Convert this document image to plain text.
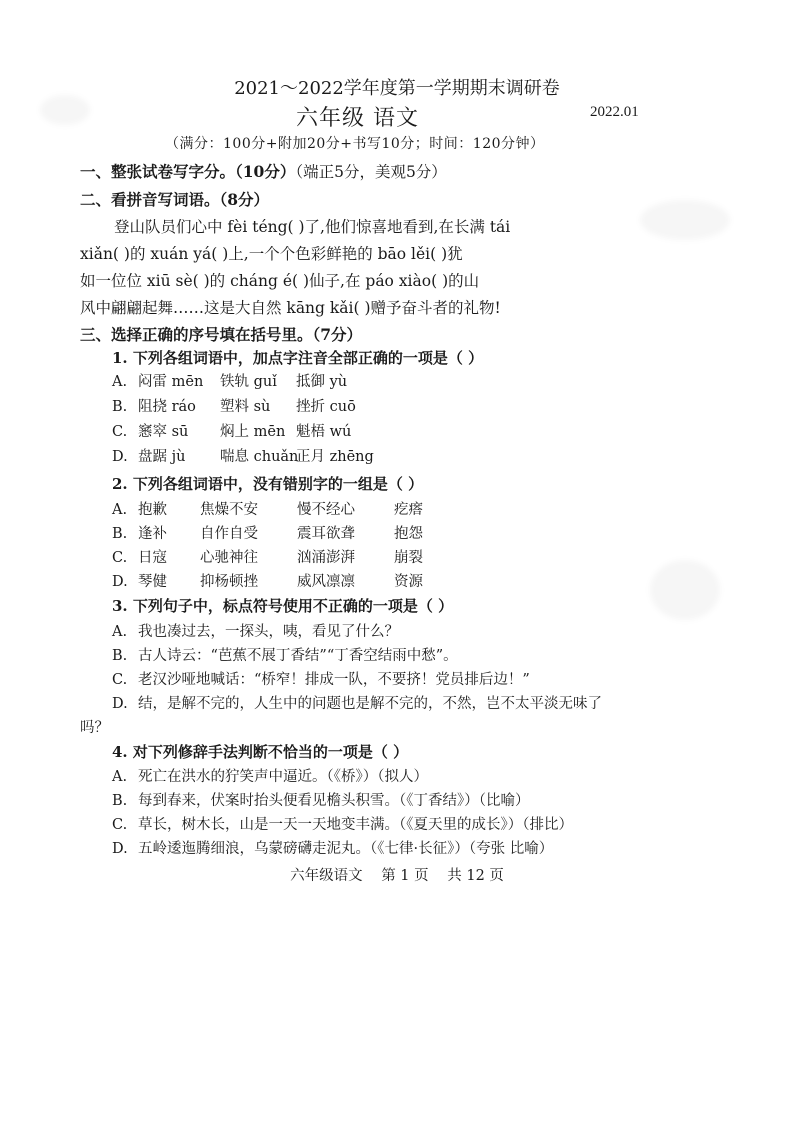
2021～2022学年度第一学期期末调研卷
六年级 语文	2022.01
（满分：100分+附加20分+书写10分；时间：120分钟）
一、整张试卷写字分。（10分）（端正5分，美观5分）
二、看拼音写词语。（8分）
登山队员们心中 fèi téng( )了,他们惊喜地看到,在长满 tái
xiǎn( )的 xuán yá( )上,一个个色彩鲜艳的 bāo lěi( )犹
如一位位 xiū sè( )的 cháng é( )仙子,在 páo xiào( )的山
风中翩翩起舞……这是大自然 kāng kǎi( )赠予奋斗者的礼物!
三、选择正确的序号填在括号里。（7分）
1. 下列各组词语中，加点字注音全部正确的一项是（ ）
A. 闷雷 mēn 铁轨 guǐ 抵御 yù
B. 阻挠 ráo 塑料 sù 挫折 cuō
C. 窸窣 sū 焖上 mēn 魁梧 wú
D. 盘踞 jù 喘息 chuǎn正月 zhēng
2. 下列各组词语中，没有错别字的一组是（ ）
A. 抱歉 焦燥不安	慢不经心	疙瘩
B. 逢补 自作自受	震耳欲聋	抱怨
C. 日寇 心驰神往	汹涌澎湃	崩裂
D. 琴健 抑杨顿挫	威风凛凛	资源
3. 下列句子中，标点符号使用不正确的一项是（ ）
A. 我也凑过去，一探头，咦，看见了什么？
B. 古人诗云：“芭蕉不展丁香结”“丁香空结雨中愁”。
C. 老汉沙哑地喊话：“桥窄！排成一队，不要挤！党员排后边！”
D. 结，是解不完的，人生中的问题也是解不完的，不然，岂不太平淡无味了
吗？
4. 对下列修辞手法判断不恰当的一项是（ ）
A. 死亡在洪水的狞笑声中逼近。（《桥》）（拟人）
B. 每到春来，伏案时抬头便看见檐头积雪。（《丁香结》）（比喻）
C. 草长，树木长，山是一天一天地变丰满。（《夏天里的成长》）（排比）
D. 五岭逶迤腾细浪，乌蒙磅礴走泥丸。（《七律·长征》）（夸张 比喻）
六年级语文 第 1 页 共 12 页
